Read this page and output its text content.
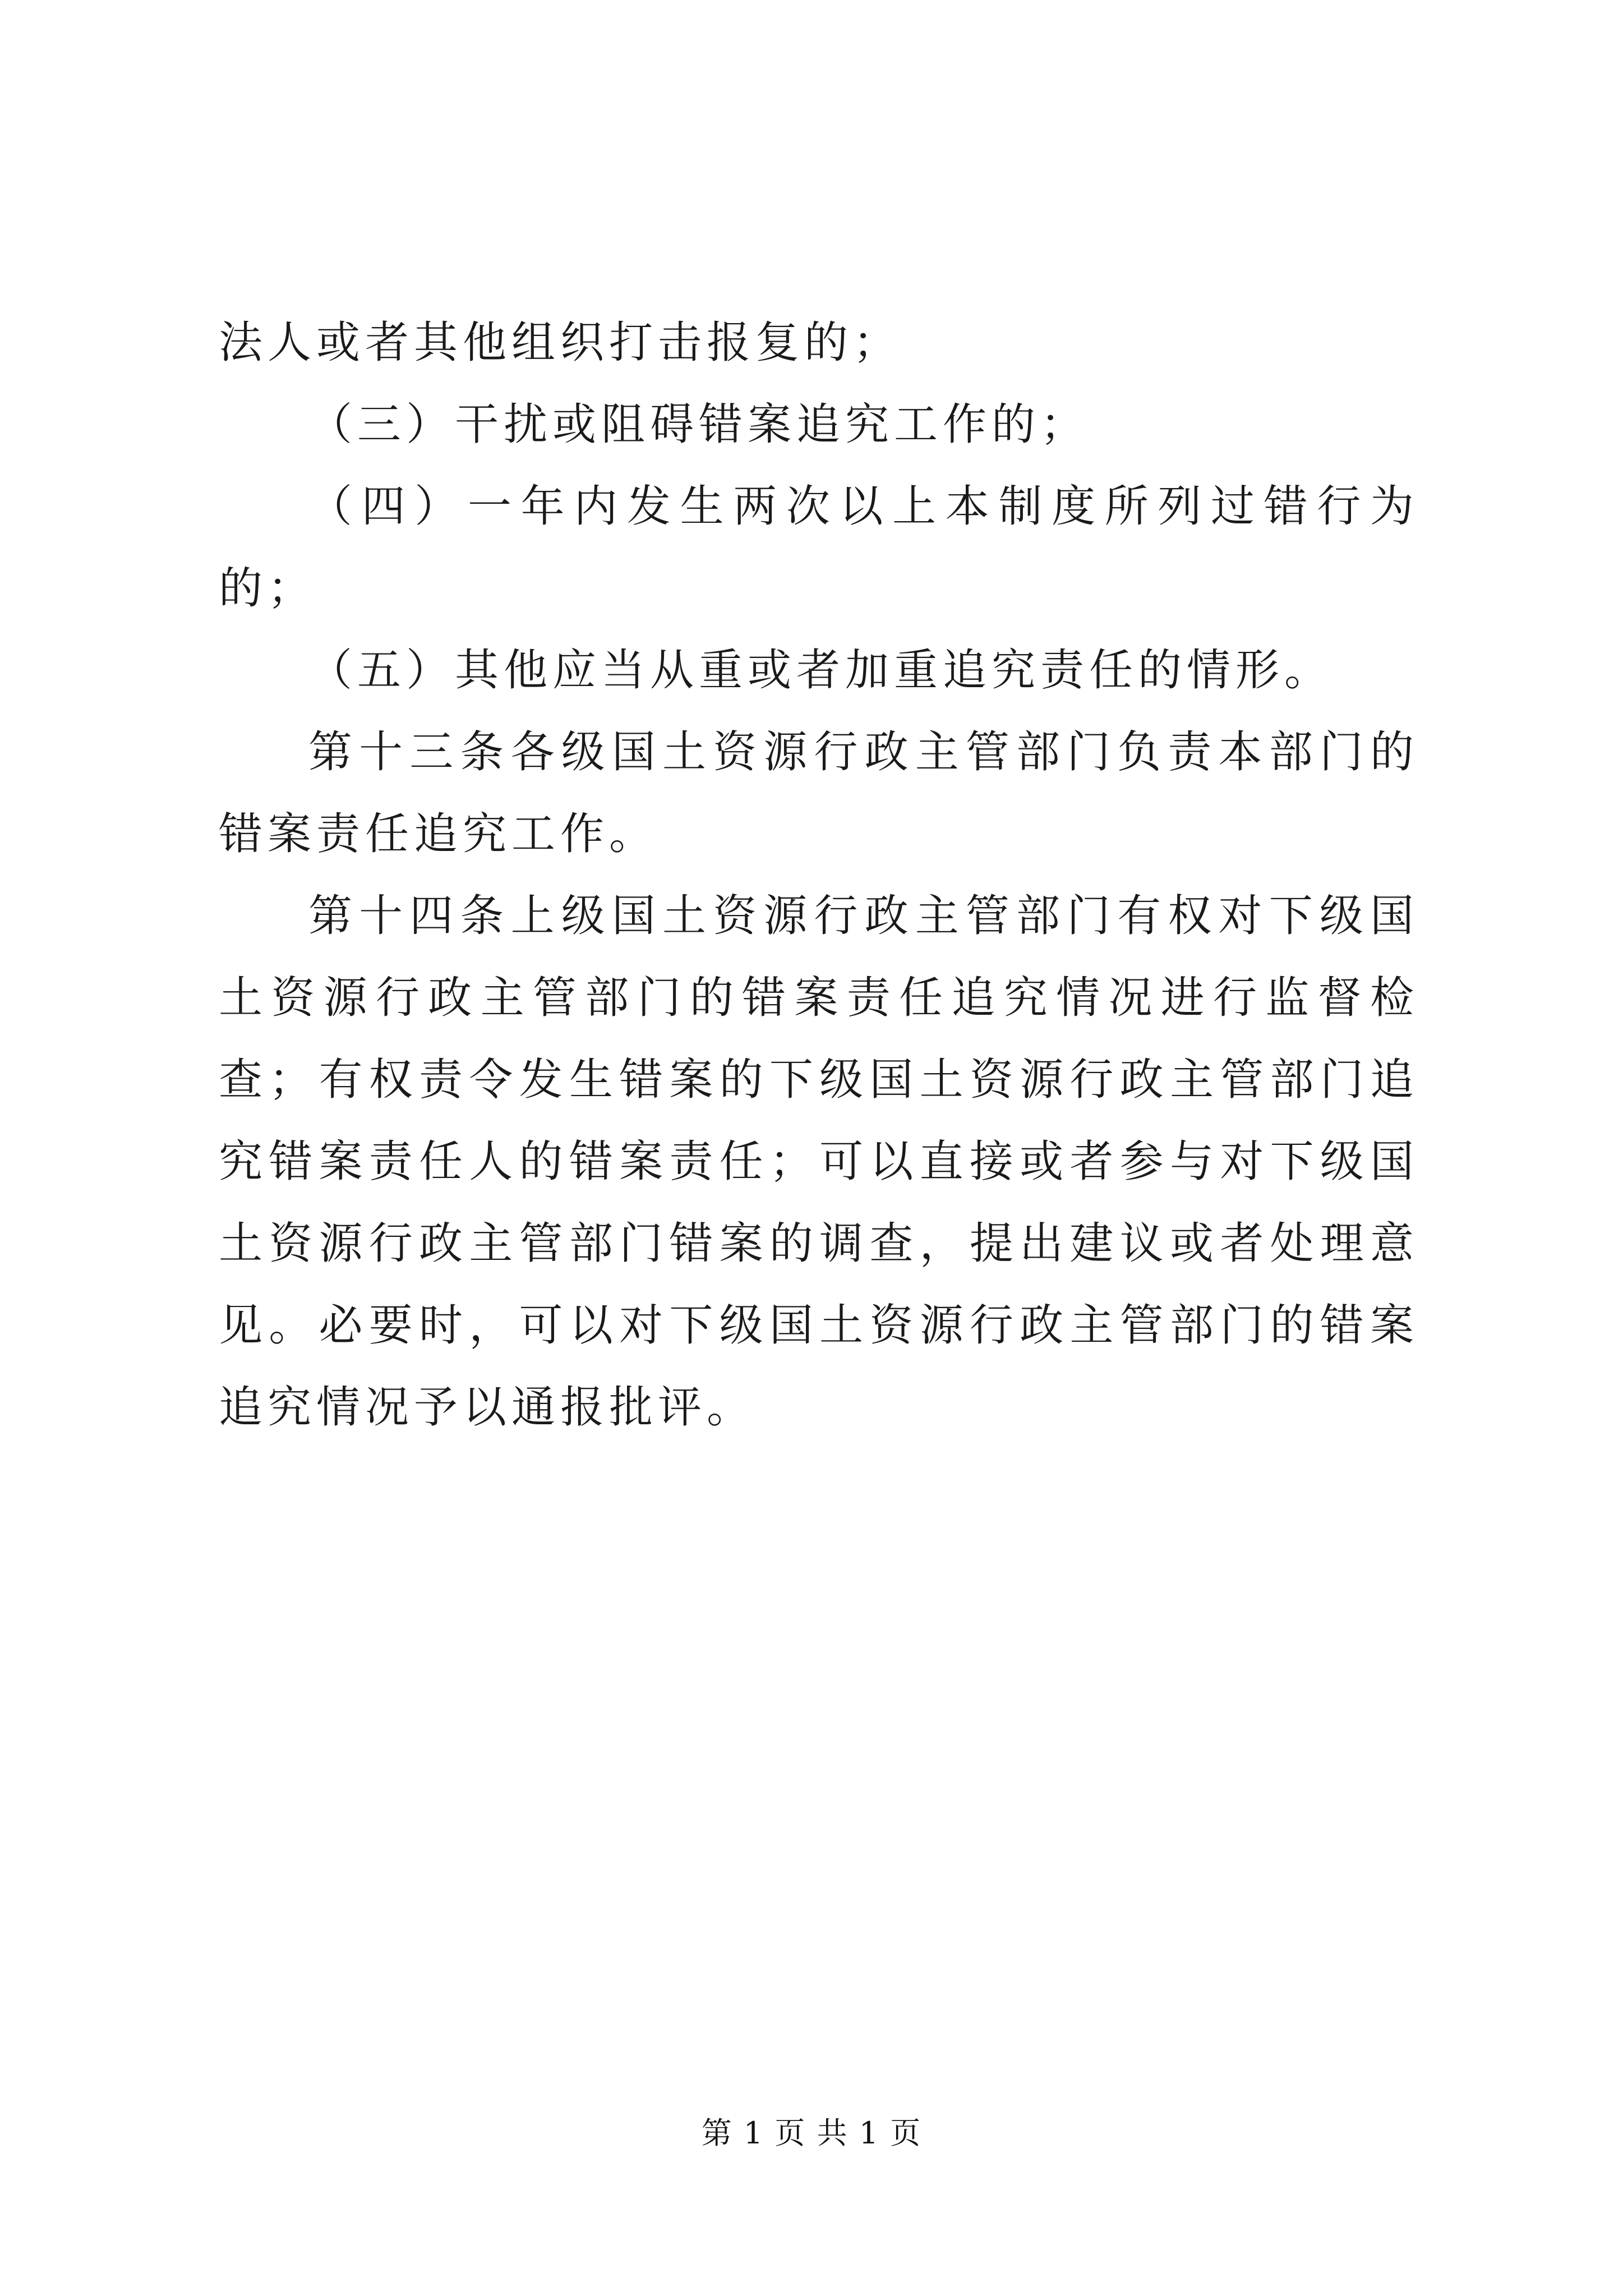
法人或者其他组织打击报复的；

（三）干扰或阻碍错案追究工作的；

（四）一年内发生两次以上本制度所列过错行为的；

（五）其他应当从重或者加重追究责任的情形。

第十三条各级国土资源行政主管部门负责本部门的错案责任追究工作。

第十四条上级国土资源行政主管部门有权对下级国土资源行政主管部门的错案责任追究情况进行监督检查；有权责令发生错案的下级国土资源行政主管部门追究错案责任人的错案责任；可以直接或者参与对下级国土资源行政主管部门错案的调查，提出建议或者处理意见。必要时，可以对下级国土资源行政主管部门的错案追究情况予以通报批评。

第 1 页 共 1 页
